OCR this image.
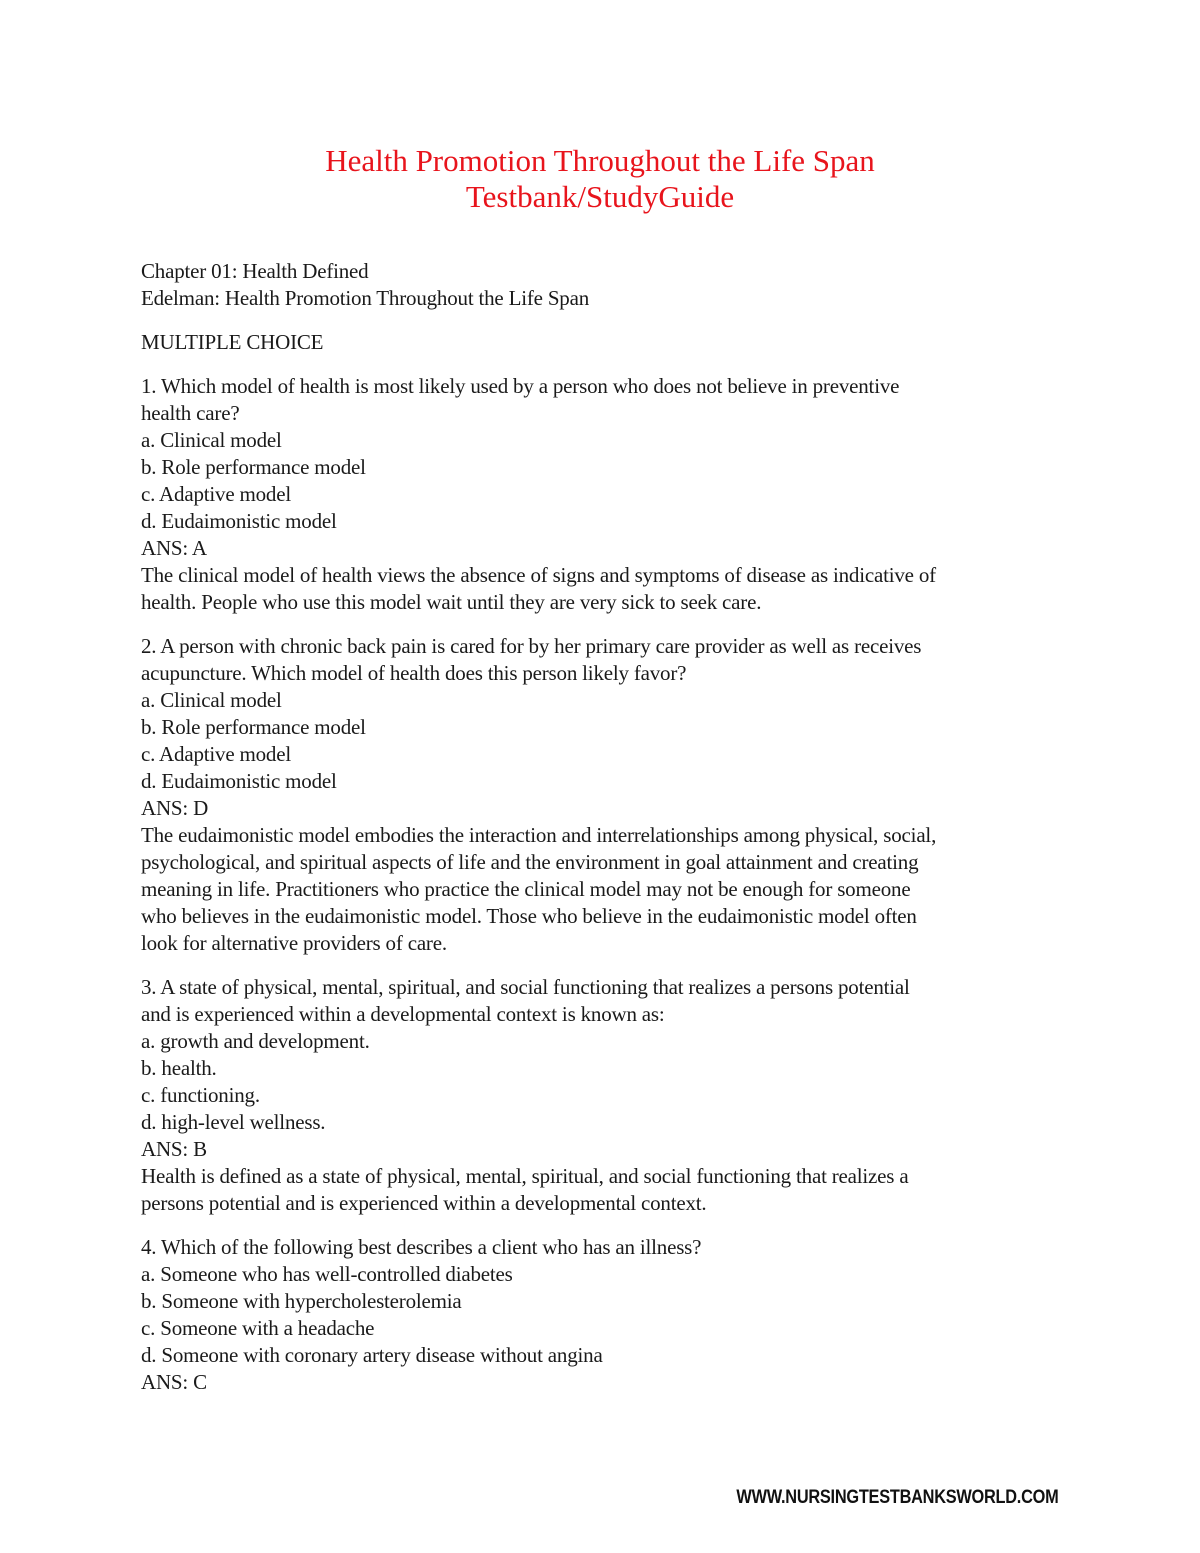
Health Promotion Throughout the Life Span
Testbank/StudyGuide
Chapter 01: Health Defined
Edelman: Health Promotion Throughout the Life Span
MULTIPLE CHOICE
1. Which model of health is most likely used by a person who does not believe in preventive
health care?
a. Clinical model
b. Role performance model
c. Adaptive model
d. Eudaimonistic model
ANS: A
The clinical model of health views the absence of signs and symptoms of disease as indicative of
health. People who use this model wait until they are very sick to seek care.
2. A person with chronic back pain is cared for by her primary care provider as well as receives
acupuncture. Which model of health does this person likely favor?
a. Clinical model
b. Role performance model
c. Adaptive model
d. Eudaimonistic model
ANS: D
The eudaimonistic model embodies the interaction and interrelationships among physical, social,
psychological, and spiritual aspects of life and the environment in goal attainment and creating
meaning in life. Practitioners who practice the clinical model may not be enough for someone
who believes in the eudaimonistic model. Those who believe in the eudaimonistic model often
look for alternative providers of care.
3. A state of physical, mental, spiritual, and social functioning that realizes a persons potential
and is experienced within a developmental context is known as:
a. growth and development.
b. health.
c. functioning.
d. high-level wellness.
ANS: B
Health is defined as a state of physical, mental, spiritual, and social functioning that realizes a
persons potential and is experienced within a developmental context.
4. Which of the following best describes a client who has an illness?
a. Someone who has well-controlled diabetes
b. Someone with hypercholesterolemia
c. Someone with a headache
d. Someone with coronary artery disease without angina
ANS: C
WWW.NURSINGTESTBANKSWORLD.COM
